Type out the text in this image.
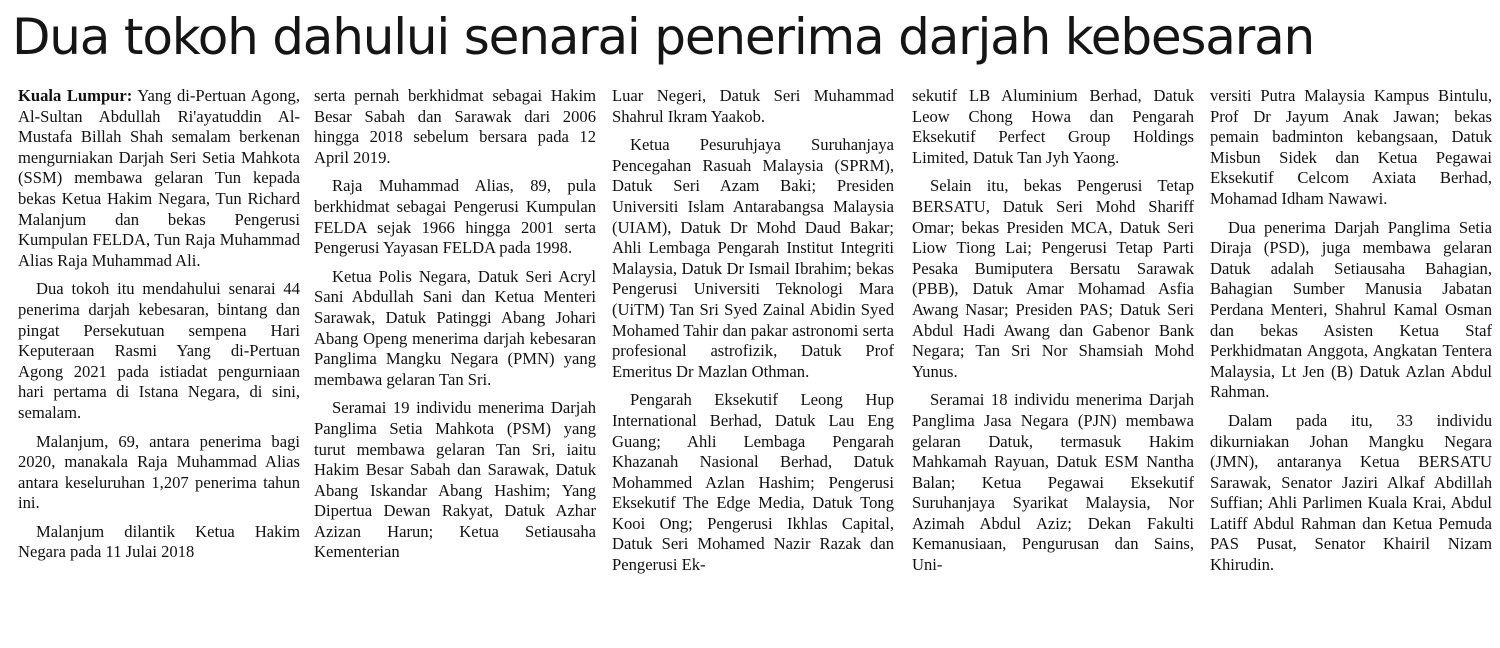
Dua tokoh dahului senarai penerima darjah kebesaran

Kuala Lumpur: Yang di-Pertuan Agong, Al-Sultan Abdullah Ri'ayatuddin Al-Mustafa Billah Shah semalam berkenan mengurniakan Darjah Seri Setia Mahkota (SSM) membawa gelaran Tun kepada bekas Ketua Hakim Negara, Tun Richard Malanjum dan bekas Pengerusi Kumpulan FELDA, Tun Raja Muhammad Alias Raja Muhammad Ali.

Dua tokoh itu mendahului senarai 44 penerima darjah kebesaran, bintang dan pingat Persekutuan sempena Hari Keputeraan Rasmi Yang di-Pertuan Agong 2021 pada istiadat pengurniaan hari pertama di Istana Negara, di sini, semalam.

Malanjum, 69, antara penerima bagi 2020, manakala Raja Muhammad Alias antara keseluruhan 1,207 penerima tahun ini.

Malanjum dilantik Ketua Hakim Negara pada 11 Julai 2018

serta pernah berkhidmat sebagai Hakim Besar Sabah dan Sarawak dari 2006 hingga 2018 sebelum bersara pada 12 April 2019.

Raja Muhammad Alias, 89, pula berkhidmat sebagai Pengerusi Kumpulan FELDA sejak 1966 hingga 2001 serta Pengerusi Yayasan FELDA pada 1998.

Ketua Polis Negara, Datuk Seri Acryl Sani Abdullah Sani dan Ketua Menteri Sarawak, Datuk Patinggi Abang Johari Abang Openg menerima darjah kebesaran Panglima Mangku Negara (PMN) yang membawa gelaran Tan Sri.

Seramai 19 individu menerima Darjah Panglima Setia Mahkota (PSM) yang turut membawa gelaran Tan Sri, iaitu Hakim Besar Sabah dan Sarawak, Datuk Abang Iskandar Abang Hashim; Yang Dipertua Dewan Rakyat, Datuk Azhar Azizan Harun; Ketua Setiausaha Kementerian

Luar Negeri, Datuk Seri Muhammad Shahrul Ikram Yaakob.

Ketua Pesuruhjaya Suruhanjaya Pencegahan Rasuah Malaysia (SPRM), Datuk Seri Azam Baki; Presiden Universiti Islam Antarabangsa Malaysia (UIAM), Datuk Dr Mohd Daud Bakar; Ahli Lembaga Pengarah Institut Integriti Malaysia, Datuk Dr Ismail Ibrahim; bekas Pengerusi Universiti Teknologi Mara (UiTM) Tan Sri Syed Zainal Abidin Syed Mohamed Tahir dan pakar astronomi serta profesional astrofizik, Datuk Prof Emeritus Dr Mazlan Othman.

Pengarah Eksekutif Leong Hup International Berhad, Datuk Lau Eng Guang; Ahli Lembaga Pengarah Khazanah Nasional Berhad, Datuk Mohammed Azlan Hashim; Pengerusi Eksekutif The Edge Media, Datuk Tong Kooi Ong; Pengerusi Ikhlas Capital, Datuk Seri Mohamed Nazir Razak dan Pengerusi Ek-

sekutif LB Aluminium Berhad, Datuk Leow Chong Howa dan Pengarah Eksekutif Perfect Group Holdings Limited, Datuk Tan Jyh Yaong.

Selain itu, bekas Pengerusi Tetap BERSATU, Datuk Seri Mohd Shariff Omar; bekas Presiden MCA, Datuk Seri Liow Tiong Lai; Pengerusi Tetap Parti Pesaka Bumiputera Bersatu Sarawak (PBB), Datuk Amar Mohamad Asfia Awang Nasar; Presiden PAS; Datuk Seri Abdul Hadi Awang dan Gabenor Bank Negara; Tan Sri Nor Shamsiah Mohd Yunus.

Seramai 18 individu menerima Darjah Panglima Jasa Negara (PJN) membawa gelaran Datuk, termasuk Hakim Mahkamah Rayuan, Datuk ESM Nantha Balan; Ketua Pegawai Eksekutif Suruhanjaya Syarikat Malaysia, Nor Azimah Abdul Aziz; Dekan Fakulti Kemanusiaan, Pengurusan dan Sains, Uni-

versiti Putra Malaysia Kampus Bintulu, Prof Dr Jayum Anak Jawan; bekas pemain badminton kebangsaan, Datuk Misbun Sidek dan Ketua Pegawai Eksekutif Celcom Axiata Berhad, Mohamad Idham Nawawi.

Dua penerima Darjah Panglima Setia Diraja (PSD), juga membawa gelaran Datuk adalah Setiausaha Bahagian, Bahagian Sumber Manusia Jabatan Perdana Menteri, Shahrul Kamal Osman dan bekas Asisten Ketua Staf Perkhidmatan Anggota, Angkatan Tentera Malaysia, Lt Jen (B) Datuk Azlan Abdul Rahman.

Dalam pada itu, 33 individu dikurniakan Johan Mangku Negara (JMN), antaranya Ketua BERSATU Sarawak, Senator Jaziri Alkaf Abdillah Suffian; Ahli Parlimen Kuala Krai, Abdul Latiff Abdul Rahman dan Ketua Pemuda PAS Pusat, Senator Khairil Nizam Khirudin.
